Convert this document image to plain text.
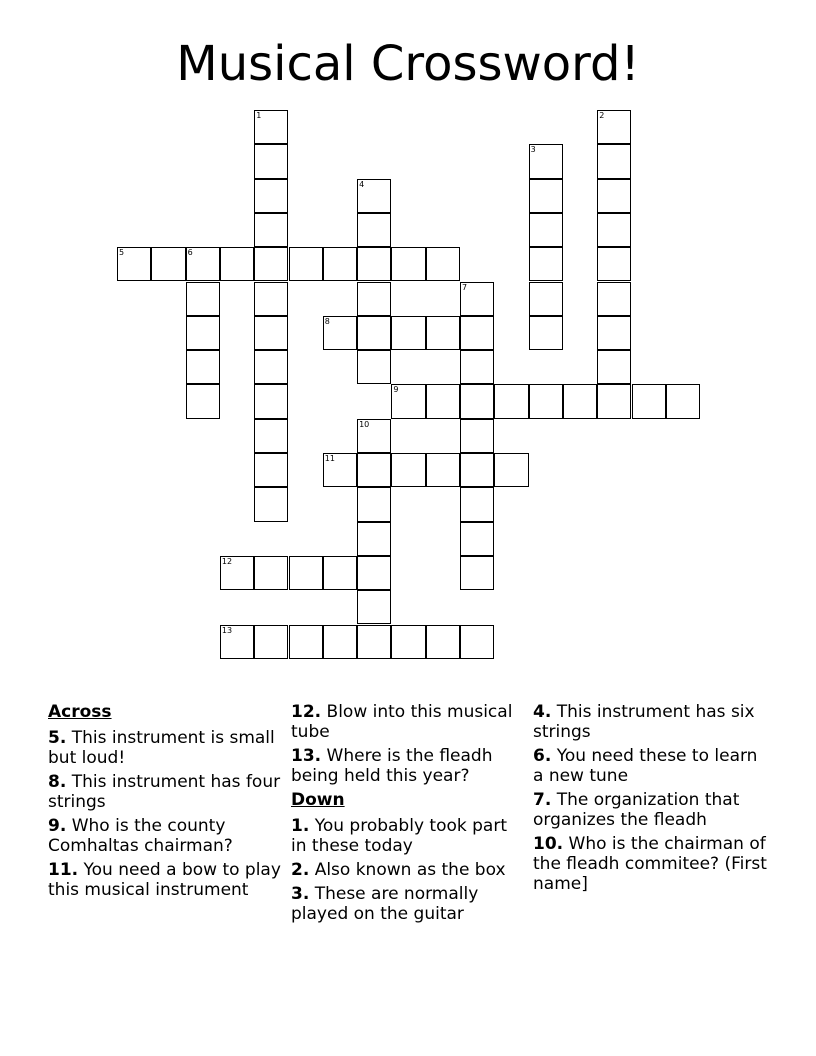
Musical Crossword!
1	2
3
4
5	6
7
8
9
10
11
12
13
Across
5. This instrument is small but loud!
8. This instrument has four strings
9. Who is the county Comhaltas chairman?
11. You need a bow to play this musical instrument
12. Blow into this musical tube
13. Where is the fleadh being held this year?
Down
1. You probably took part in these today
2. Also known as the box
3. These are normally played on the guitar
4. This instrument has six strings
6. You need these to learn a new tune
7. The organization that organizes the fleadh
10. Who is the chairman of the fleadh commitee? (First name]
